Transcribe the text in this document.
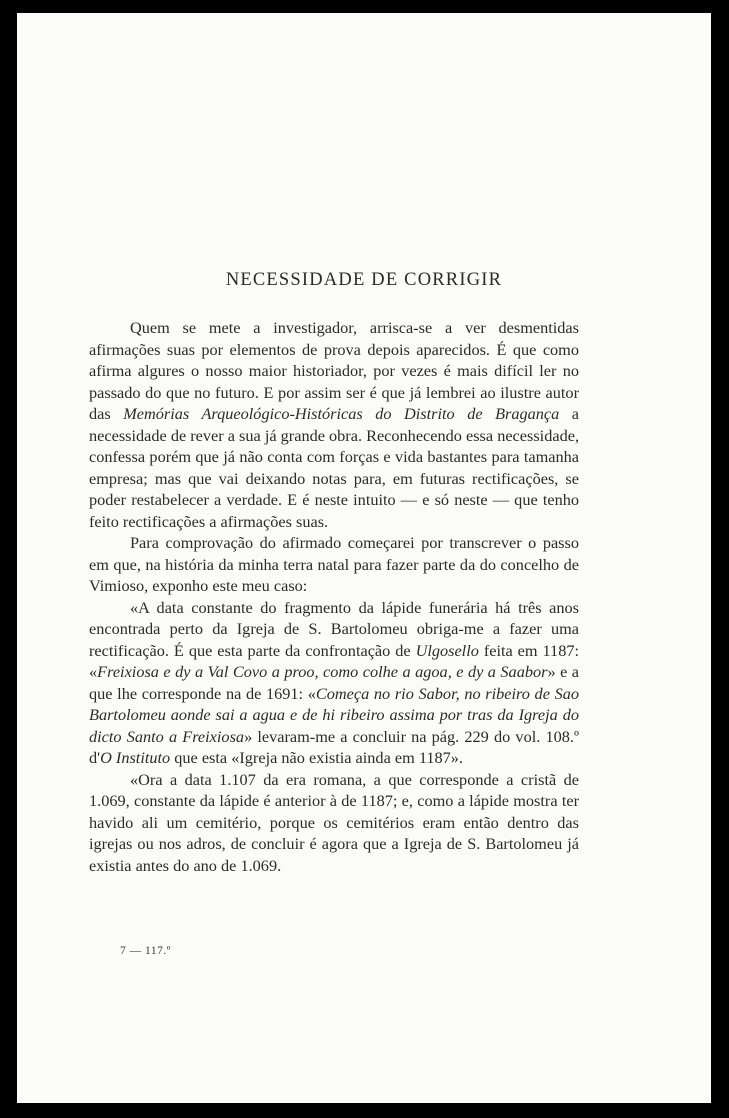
NECESSIDADE DE CORRIGIR

Quem se mete a investigador, arrisca-se a ver desmentidas afirmações suas por elementos de prova depois aparecidos. É que como afirma algures o nosso maior historiador, por vezes é mais difícil ler no passado do que no futuro. E por assim ser é que já lembrei ao ilustre autor das Memórias Arqueológico-Históricas do Distrito de Bragança a necessidade de rever a sua já grande obra. Reconhecendo essa necessidade, confessa porém que já não conta com forças e vida bastantes para tamanha empresa; mas que vai deixando notas para, em futuras rectificações, se poder restabelecer a verdade. E é neste intuito — e só neste — que tenho feito rectificações a afirmações suas.

Para comprovação do afirmado começarei por transcrever o passo em que, na história da minha terra natal para fazer parte da do concelho de Vimioso, exponho este meu caso:

«A data constante do fragmento da lápide funerária há três anos encontrada perto da Igreja de S. Bartolomeu obriga-me a fazer uma rectificação. É que esta parte da confrontação de Ulgosello feita em 1187: «Freixiosa e dy a Val Covo a proo, como colhe a agoa, e dy a Saabor» e a que lhe corresponde na de 1691: «Começa no rio Sabor, no ribeiro de Sao Bartolomeu aonde sai a agua e de hi ribeiro assima por tras da Igreja do dicto Santo a Freixiosa» levaram-me a concluir na pág. 229 do vol. 108.º d'O Instituto que esta «Igreja não existia ainda em 1187».

«Ora a data 1.107 da era romana, a que corresponde a cristã de 1.069, constante da lápide é anterior à de 1187; e, como a lápide mostra ter havido ali um cemitério, porque os cemitérios eram então dentro das igrejas ou nos adros, de concluir é agora que a Igreja de S. Bartolomeu já existia antes do ano de 1.069.

7 — 117.º
